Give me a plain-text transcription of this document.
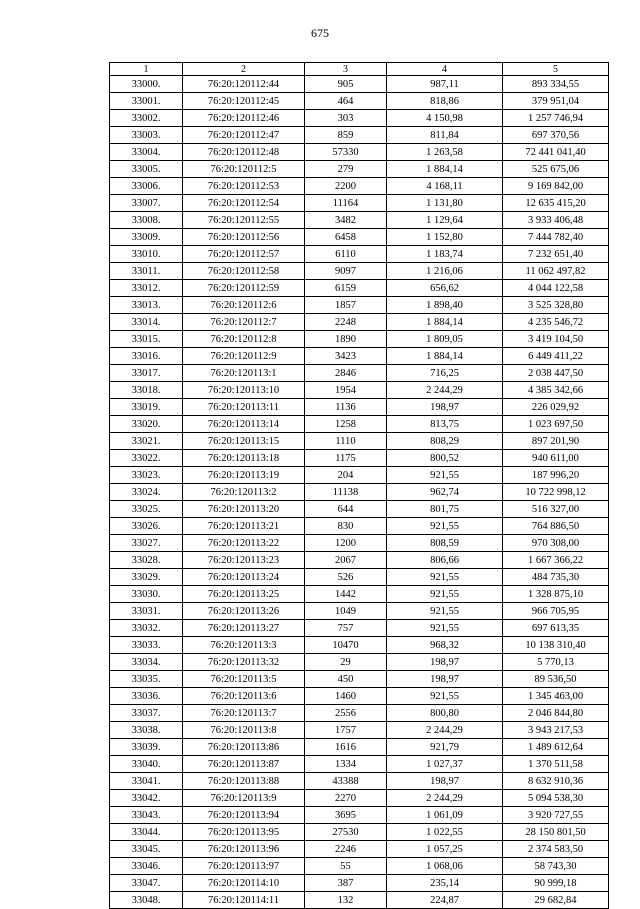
675
1	2	3	4	5
33000.	76:20:120112:44	905	987,11	893 334,55
33001.	76:20:120112:45	464	818,86	379 951,04
33002.	76:20:120112:46	303	4 150,98	1 257 746,94
33003.	76:20:120112:47	859	811,84	697 370,56
33004.	76:20:120112:48	57330	1 263,58	72 441 041,40
33005.	76:20:120112:5	279	1 884,14	525 675,06
33006.	76:20:120112:53	2200	4 168,11	9 169 842,00
33007.	76:20:120112:54	11164	1 131,80	12 635 415,20
33008.	76:20:120112:55	3482	1 129,64	3 933 406,48
33009.	76:20:120112:56	6458	1 152,80	7 444 782,40
33010.	76:20:120112:57	6110	1 183,74	7 232 651,40
33011.	76:20:120112:58	9097	1 216,06	11 062 497,82
33012.	76:20:120112:59	6159	656,62	4 044 122,58
33013.	76:20:120112:6	1857	1 898,40	3 525 328,80
33014.	76:20:120112:7	2248	1 884,14	4 235 546,72
33015.	76:20:120112:8	1890	1 809,05	3 419 104,50
33016.	76:20:120112:9	3423	1 884,14	6 449 411,22
33017.	76:20:120113:1	2846	716,25	2 038 447,50
33018.	76:20:120113:10	1954	2 244,29	4 385 342,66
33019.	76:20:120113:11	1136	198,97	226 029,92
33020.	76:20:120113:14	1258	813,75	1 023 697,50
33021.	76:20:120113:15	1110	808,29	897 201,90
33022.	76:20:120113:18	1175	800,52	940 611,00
33023.	76:20:120113:19	204	921,55	187 996,20
33024.	76:20:120113:2	11138	962,74	10 722 998,12
33025.	76:20:120113:20	644	801,75	516 327,00
33026.	76:20:120113:21	830	921,55	764 886,50
33027.	76:20:120113:22	1200	808,59	970 308,00
33028.	76:20:120113:23	2067	806,66	1 667 366,22
33029.	76:20:120113:24	526	921,55	484 735,30
33030.	76:20:120113:25	1442	921,55	1 328 875,10
33031.	76:20:120113:26	1049	921,55	966 705,95
33032.	76:20:120113:27	757	921,55	697 613,35
33033.	76:20:120113:3	10470	968,32	10 138 310,40
33034.	76:20:120113:32	29	198,97	5 770,13
33035.	76:20:120113:5	450	198,97	89 536,50
33036.	76:20:120113:6	1460	921,55	1 345 463,00
33037.	76:20:120113:7	2556	800,80	2 046 844,80
33038.	76:20:120113:8	1757	2 244,29	3 943 217,53
33039.	76:20:120113:86	1616	921,79	1 489 612,64
33040.	76:20:120113:87	1334	1 027,37	1 370 511,58
33041.	76:20:120113:88	43388	198,97	8 632 910,36
33042.	76:20:120113:9	2270	2 244,29	5 094 538,30
33043.	76:20:120113:94	3695	1 061,09	3 920 727,55
33044.	76:20:120113:95	27530	1 022,55	28 150 801,50
33045.	76:20:120113:96	2246	1 057,25	2 374 583,50
33046.	76:20:120113:97	55	1 068,06	58 743,30
33047.	76:20:120114:10	387	235,14	90 999,18
33048.	76:20:120114:11	132	224,87	29 682,84
